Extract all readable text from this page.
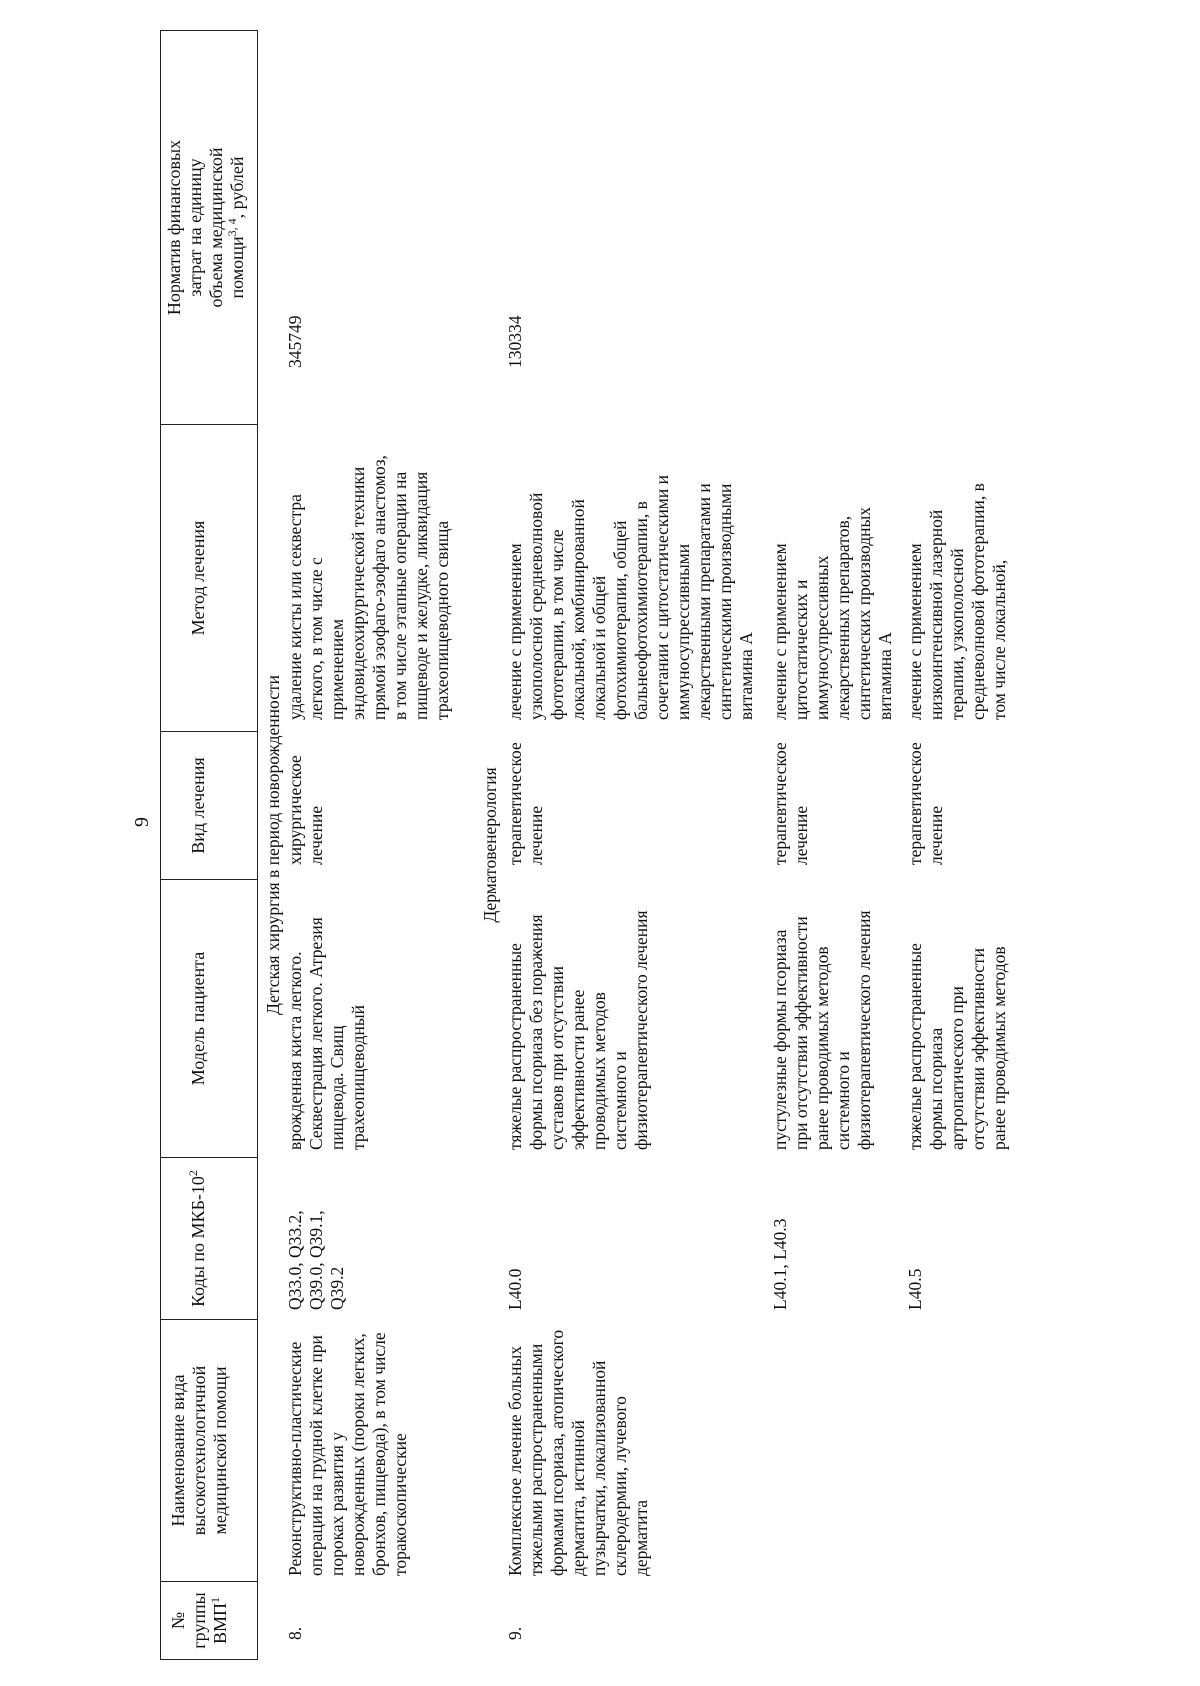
9
№
группы
ВМП$^1$
Наименование вида
высокотехнологичной
медицинской помощи
Коды по МКБ-$10^2$
Модель пациента
Вид лечения
Метод лечения
Норматив финансовых
затрат на единицу
объема медицинской
помощи$^{3, 4}$, рублей
Детская хирургия в период новорожденности
8.
Реконструктивно-пластические
операции на грудной клетке при
пороках развития у
новорожденных (пороки легких,
бронхов, пищевода), в том числе
торакоскопические
Q33.0, Q33.2,
Q39.0, Q39.1,
Q39.2
врожденная киста легкого.
Секвестрация легкого. Атрезия
пищевода. Свищ
трахеопищеводный
хирургическое
лечение
удаление кисты или секвестра
легкого, в том числе с
применением
эндовидеохирургической техники
прямой эзофаго-эзофаго анастомоз,
в том числе этапные операции на
пищеводе и желудке, ликвидация
трахеопищеводного свища
345749
Дерматовенерология
9.
Комплексное лечение больных
тяжелыми распространенными
формами псориаза, атопического
дерматита, истинной
пузырчатки, локализованной
склеродермии, лучевого
дерматита
L40.0
тяжелые распространенные
формы псориаза без поражения
суставов при отсутствии
эффективности ранее
проводимых методов
системного и
физиотерапевтического лечения
терапевтическое
лечение
лечение с применением
узкополосной средневолновой
фототерапии, в том числе
локальной, комбинированной
локальной и общей
фотохимиотерапии, общей
бальнеофотохимиотерапии, в
сочетании с цитостатическими и
иммуносупрессивными
лекарственными препаратами и
синтетическими производными
витамина А
130334
L40.1, L40.3
пустулезные формы псориаза
при отсутствии эффективности
ранее проводимых методов
системного и
физиотерапевтического лечения
терапевтическое
лечение
лечение с применением
цитостатических и
иммуносупрессивных
лекарственных препаратов,
синтетических производных
витамина А
L40.5
тяжелые распространенные
формы псориаза
артропатического при
отсутствии эффективности
ранее проводимых методов
терапевтическое
лечение
лечение с применением
низкоинтенсивной лазерной
терапии, узкополосной
средневолновой фототерапии, в
том числе локальной,
